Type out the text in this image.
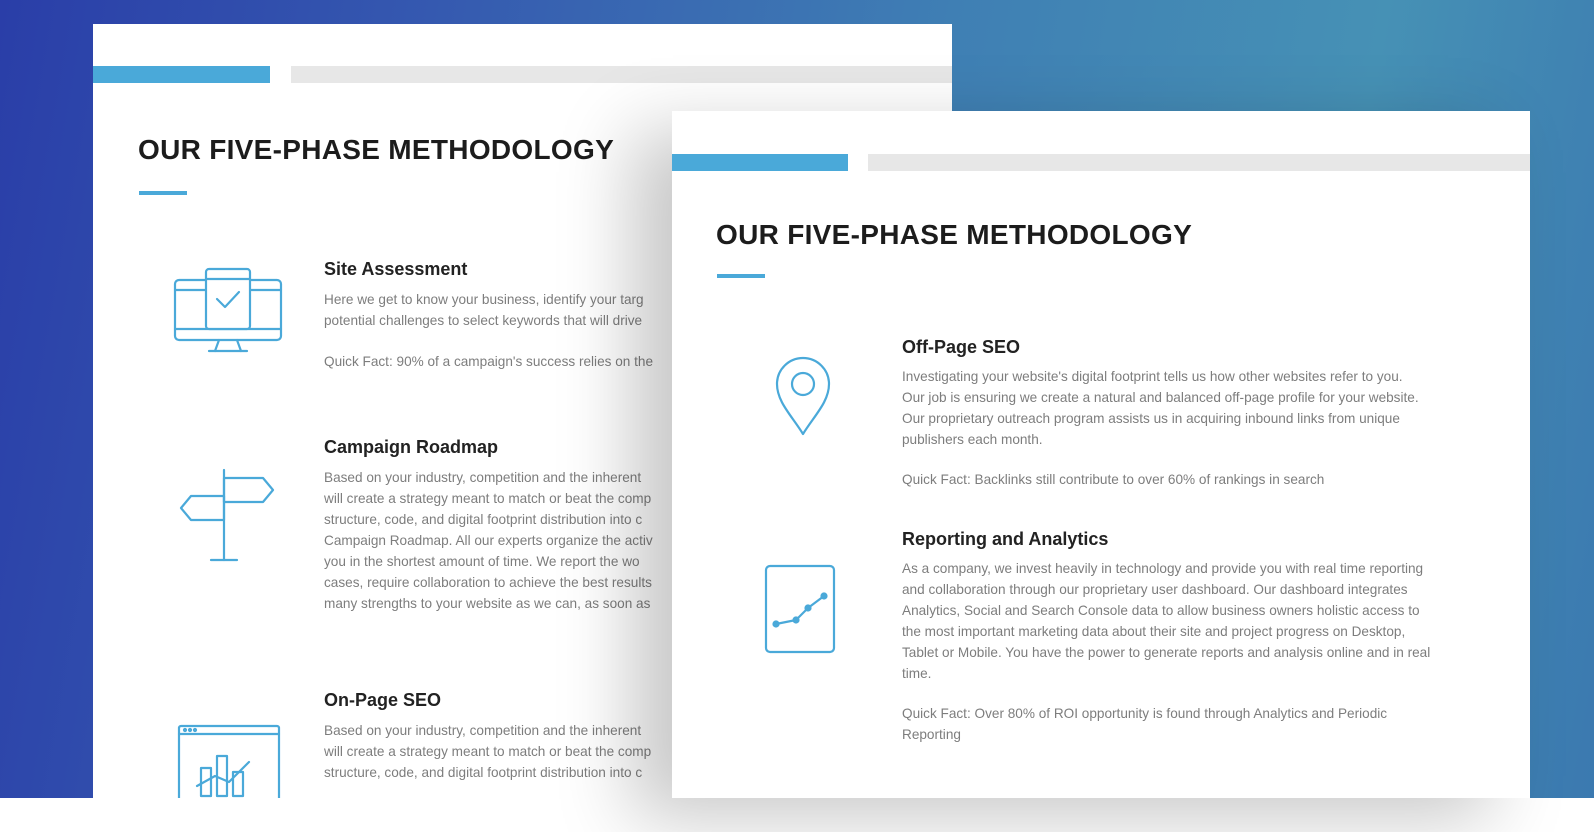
OUR FIVE-PHASE METHODOLOGY
Site Assessment

Here we get to know your business, identify your targ
potential challenges to select keywords that will drive

Quick Fact: 90% of a campaign's success relies on the

Campaign Roadmap

Based on your industry, competition and the inherent
will create a strategy meant to match or beat the comp
structure, code, and digital footprint distribution into c
Campaign Roadmap. All our experts organize the activ
you in the shortest amount of time. We report the wo
cases, require collaboration to achieve the best results
many strengths to your website as we can, as soon as

On-Page SEO

Based on your industry, competition and the inherent
will create a strategy meant to match or beat the comp
structure, code, and digital footprint distribution into c

OUR FIVE-PHASE METHODOLOGY
Off-Page SEO

Investigating your website's digital footprint tells us how other websites refer to you.
Our job is ensuring we create a natural and balanced off-page profile for your website.
Our proprietary outreach program assists us in acquiring inbound links from unique
publishers each month.

Quick Fact: Backlinks still contribute to over 60% of rankings in search

Reporting and Analytics

As a company, we invest heavily in technology and provide you with real time reporting
and collaboration through our proprietary user dashboard. Our dashboard integrates
Analytics, Social and Search Console data to allow business owners holistic access to
the most important marketing data about their site and project progress on Desktop,
Tablet or Mobile. You have the power to generate reports and analysis online and in real
time.

Quick Fact: Over 80% of ROI opportunity is found through Analytics and Periodic
Reporting
